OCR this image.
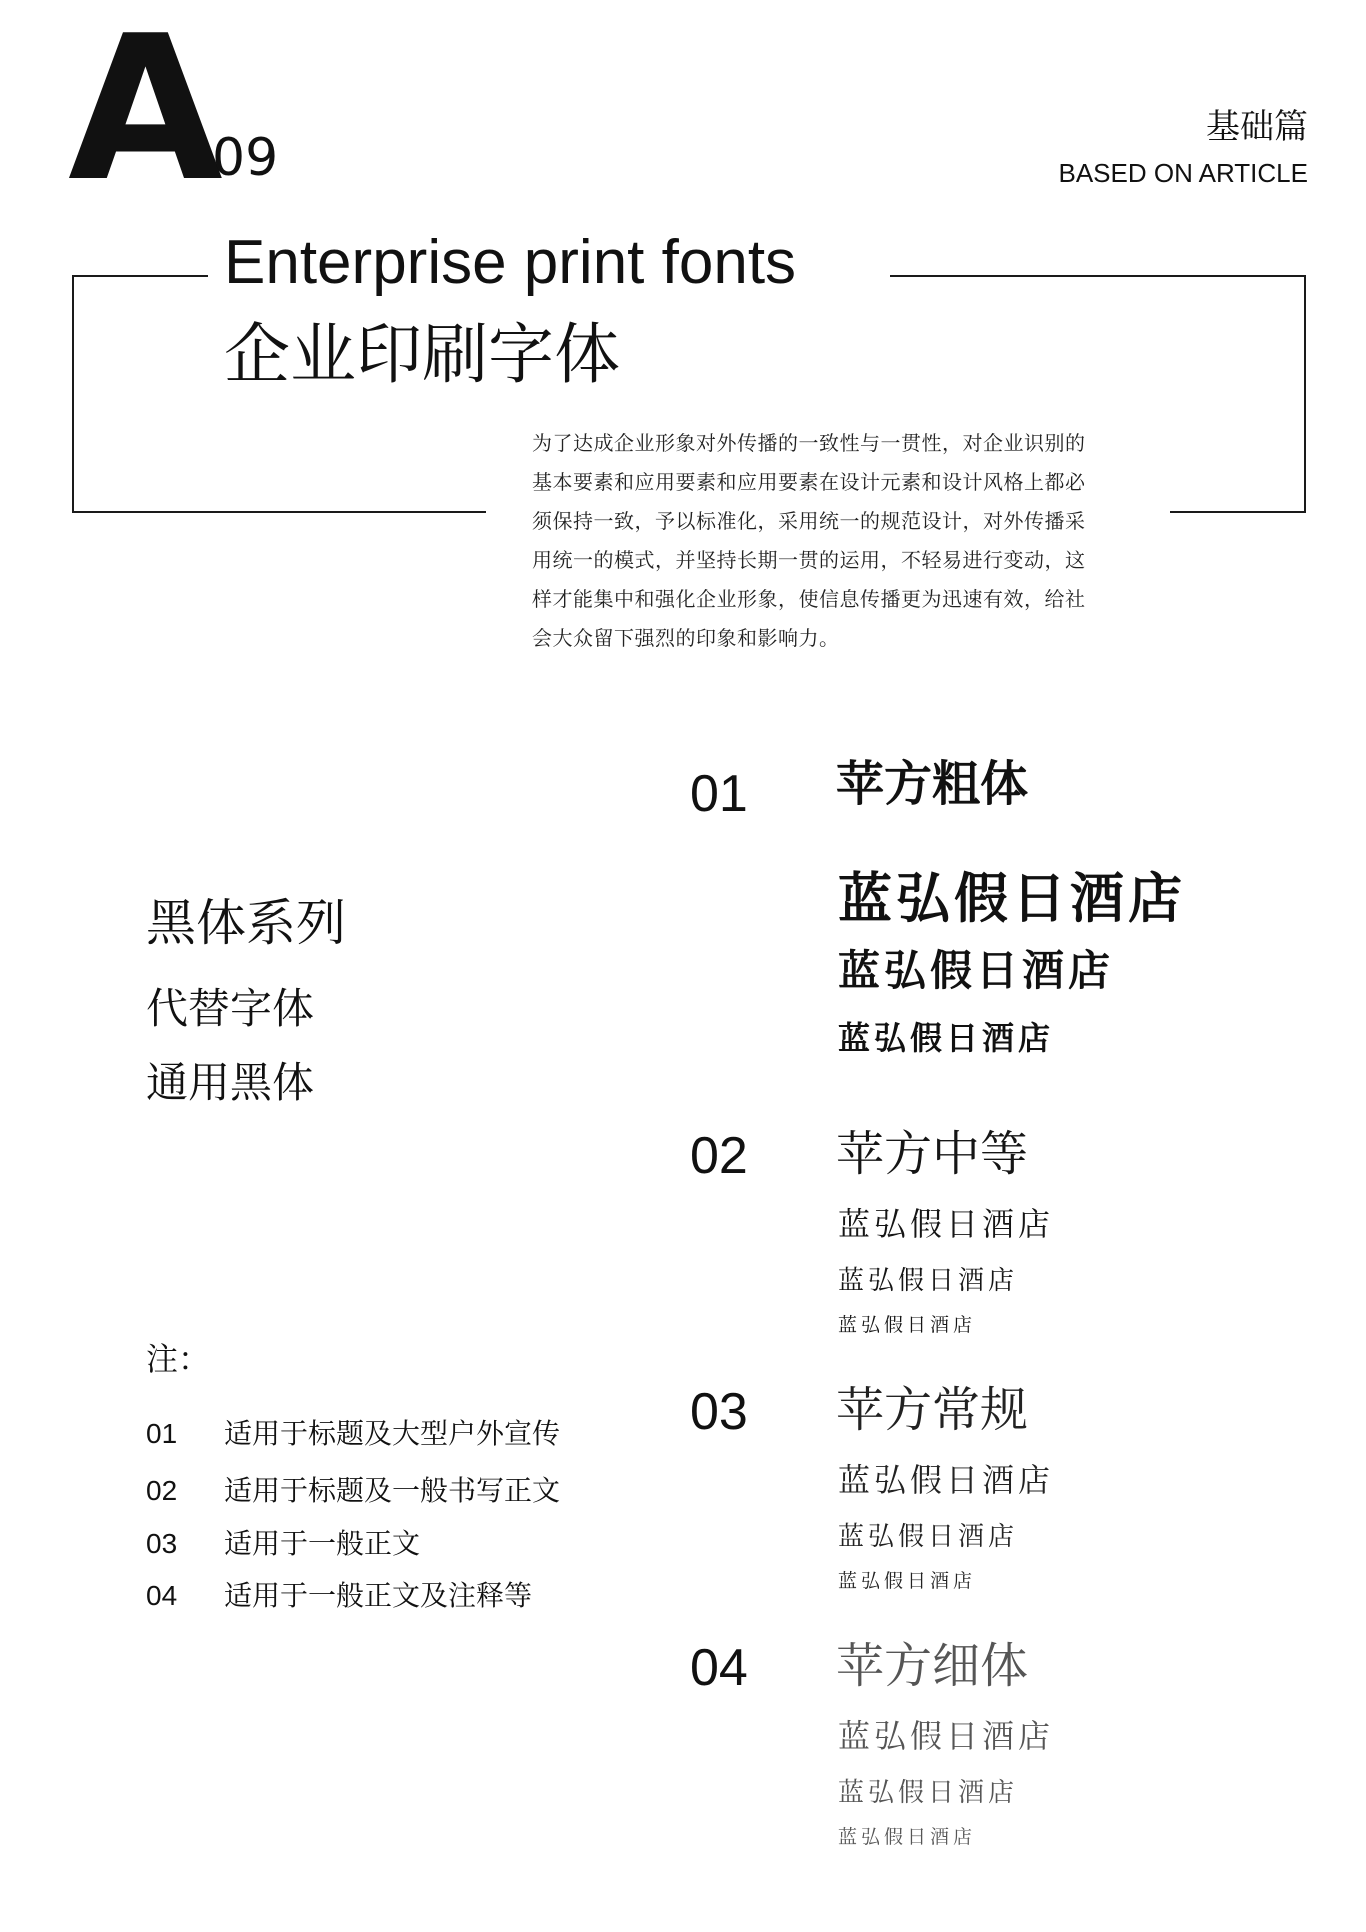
A
09
基础篇
BASED ON ARTICLE
Enterprise print fonts
企业印刷字体

为了达成企业形象对外传播的一致性与一贯性，对企业识别的

基本要素和应用要素和应用要素在设计元素和设计风格上都必

须保持一致，予以标准化，采用统一的规范设计，对外传播采

用统一的模式，并坚持长期一贯的运用，不轻易进行变动，这

样才能集中和强化企业形象，使信息传播更为迅速有效，给社

会大众留下强烈的印象和影响力。

黑体系列
代替字体
通用黑体
注：
01 适用于标题及大型户外宣传
02 适用于标题及一般书写正文
03 适用于一般正文
04 适用于一般正文及注释等
01 苹方粗体
蓝弘假日酒店
蓝弘假日酒店
蓝弘假日酒店
02 苹方中等
蓝弘假日酒店
蓝弘假日酒店
蓝弘假日酒店
03 苹方常规
蓝弘假日酒店
蓝弘假日酒店
蓝弘假日酒店
04 苹方细体
蓝弘假日酒店
蓝弘假日酒店
蓝弘假日酒店
